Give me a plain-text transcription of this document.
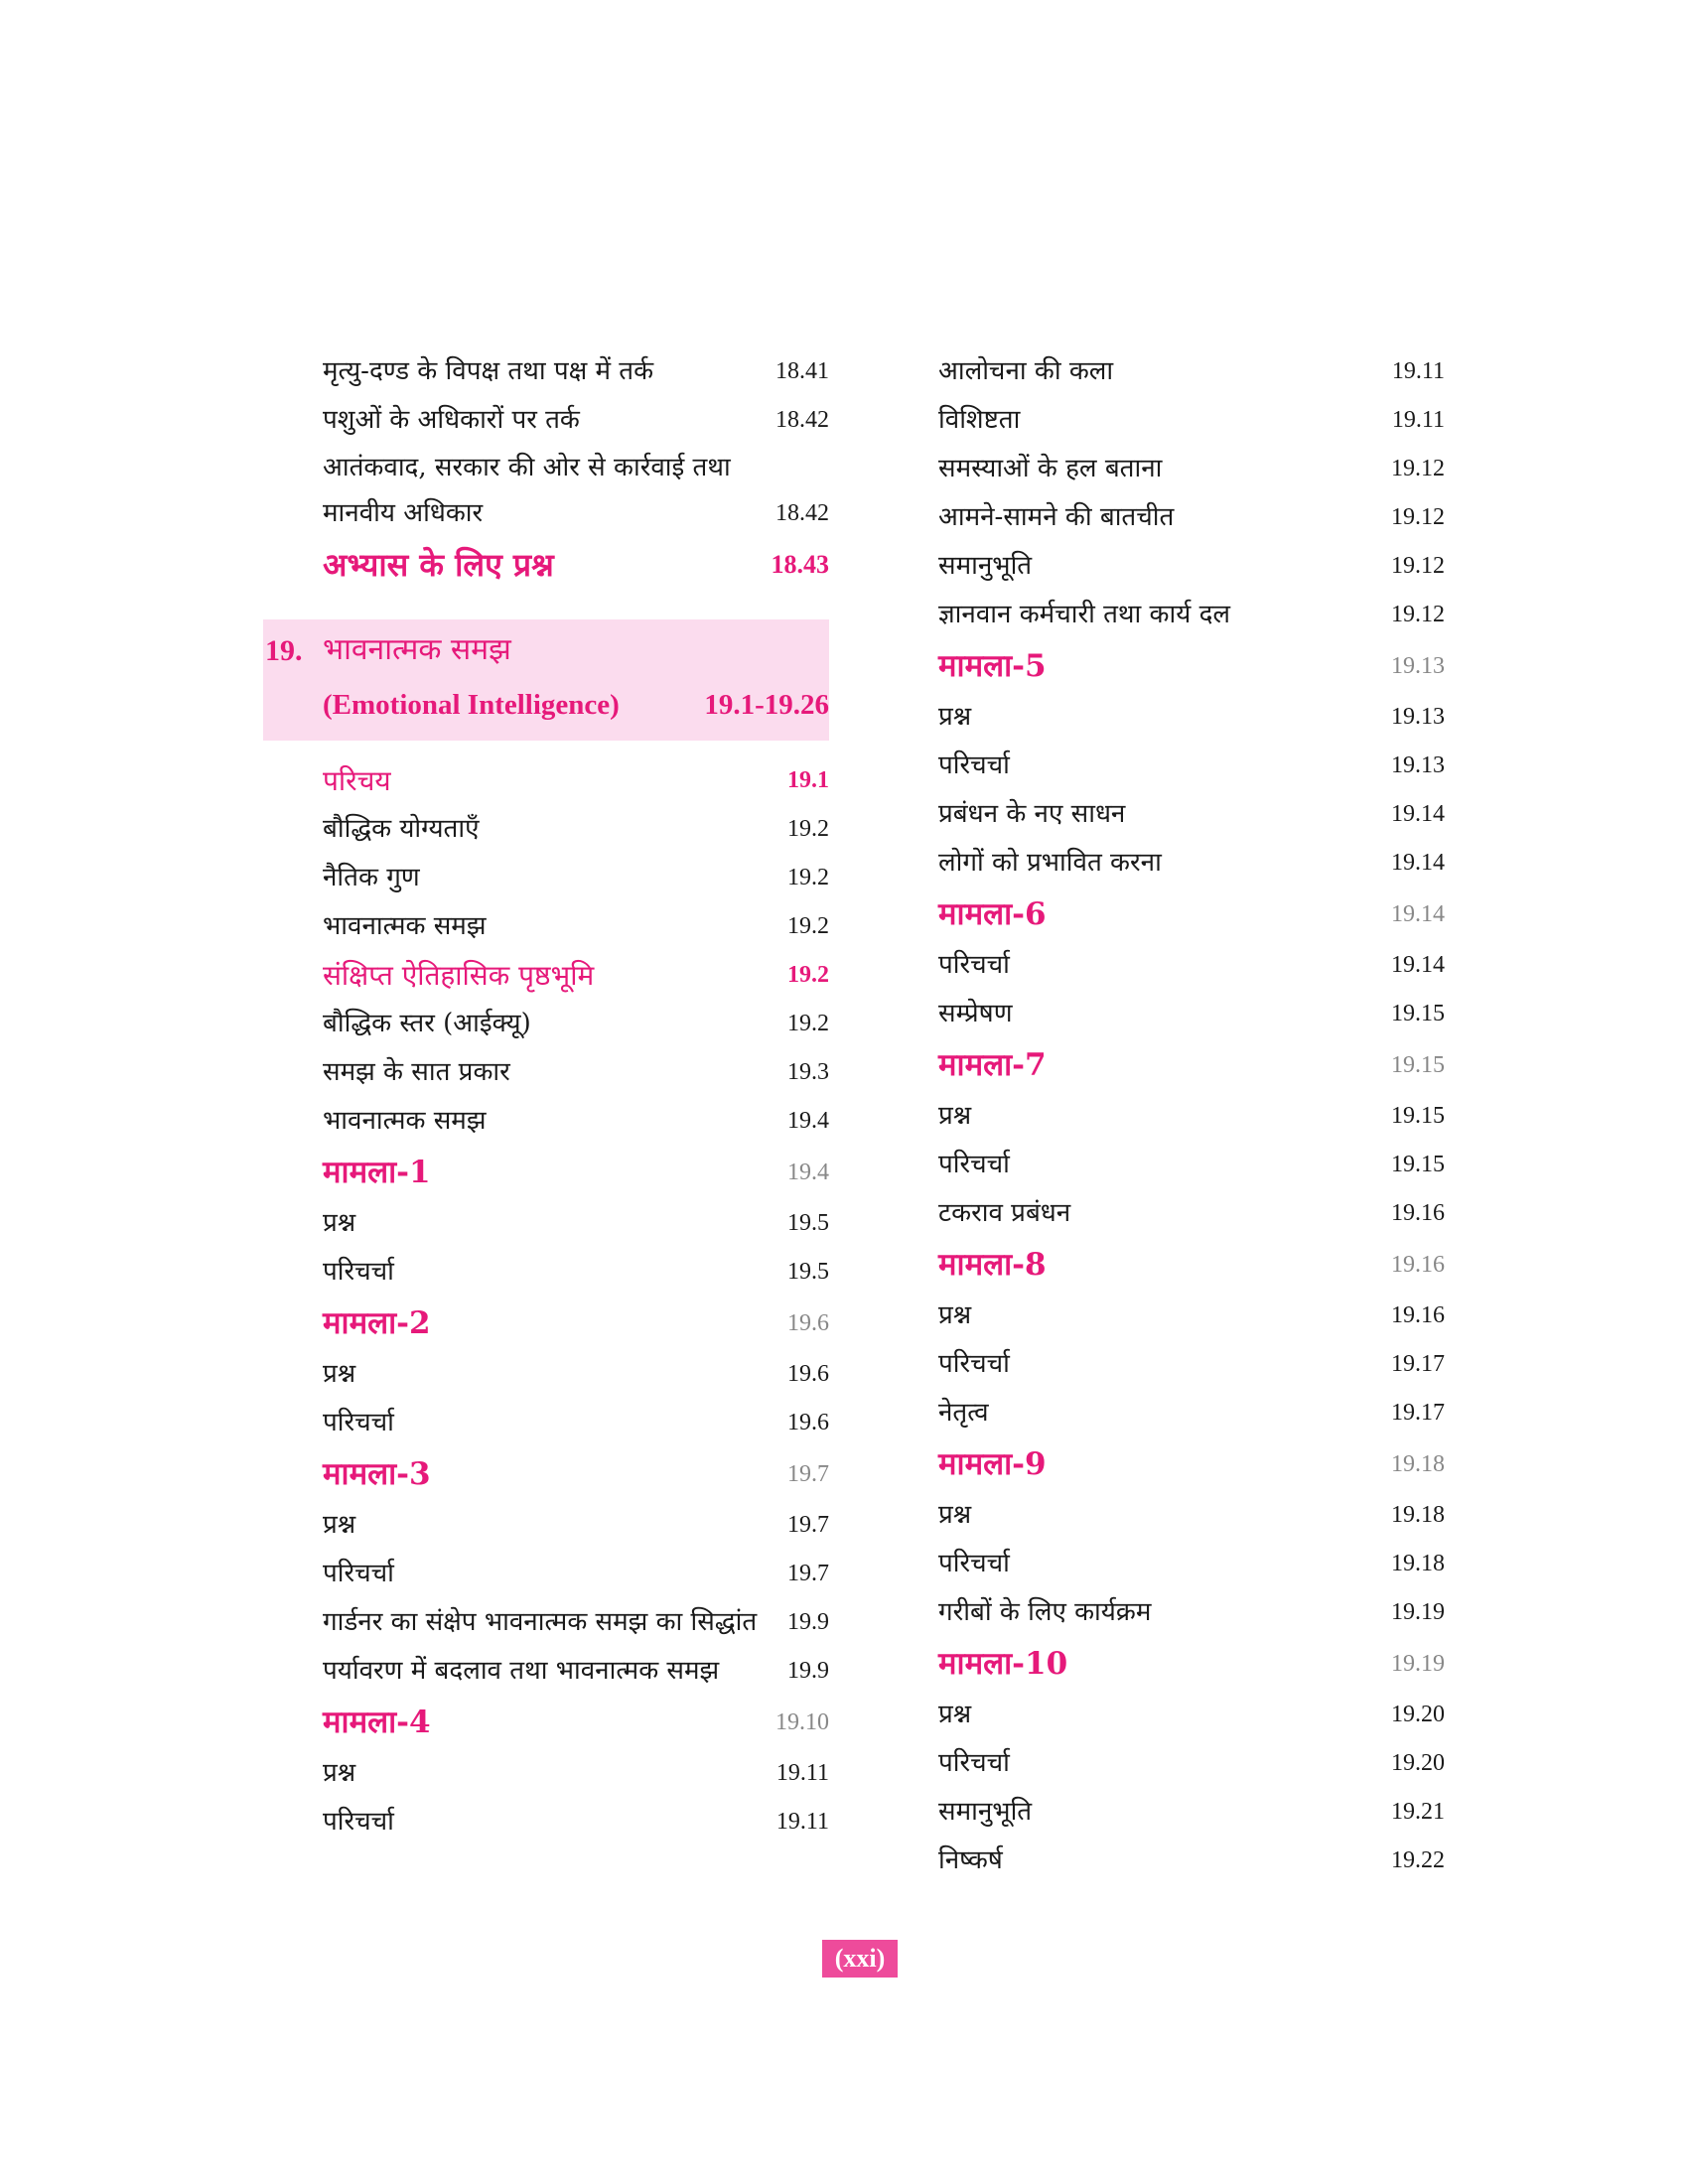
मृत्यु-दण्ड के विपक्ष तथा पक्ष में तर्क	18.41
पशुओं के अधिकारों पर तर्क	18.42
आतंकवाद, सरकार की ओर से कार्रवाई तथा मानवीय अधिकार	18.42
अभ्यास के लिए प्रश्न	18.43
19. भावनात्मक समझ
(Emotional Intelligence)	19.1-19.26
परिचय	19.1
बौद्धिक योग्यताएँ	19.2
नैतिक गुण	19.2
भावनात्मक समझ	19.2
संक्षिप्त ऐतिहासिक पृष्ठभूमि	19.2
बौद्धिक स्तर (आईक्यू)	19.2
समझ के सात प्रकार	19.3
भावनात्मक समझ	19.4
मामला-1	19.4
प्रश्न	19.5
परिचर्चा	19.5
मामला-2	19.6
प्रश्न	19.6
परिचर्चा	19.6
मामला-3	19.7
प्रश्न	19.7
परिचर्चा	19.7
गार्डनर का संक्षेप भावनात्मक समझ का सिद्धांत 19.9
पर्यावरण में बदलाव तथा भावनात्मक समझ	19.9
मामला-4	19.10
प्रश्न	19.11
परिचर्चा	19.11
आलोचना की कला	19.11
विशिष्टता	19.11
समस्याओं के हल बताना	19.12
आमने-सामने की बातचीत	19.12
समानुभूति	19.12
ज्ञानवान कर्मचारी तथा कार्य दल	19.12
मामला-5	19.13
प्रश्न	19.13
परिचर्चा	19.13
प्रबंधन के नए साधन	19.14
लोगों को प्रभावित करना	19.14
मामला-6	19.14
परिचर्चा	19.14
सम्प्रेषण	19.15
मामला-7	19.15
प्रश्न	19.15
परिचर्चा	19.15
टकराव प्रबंधन	19.16
मामला-8	19.16
प्रश्न	19.16
परिचर्चा	19.17
नेतृत्व	19.17
मामला-9	19.18
प्रश्न	19.18
परिचर्चा	19.18
गरीबों के लिए कार्यक्रम	19.19
मामला-10	19.19
प्रश्न	19.20
परिचर्चा	19.20
समानुभूति	19.21
निष्कर्ष	19.22
(xxi)
